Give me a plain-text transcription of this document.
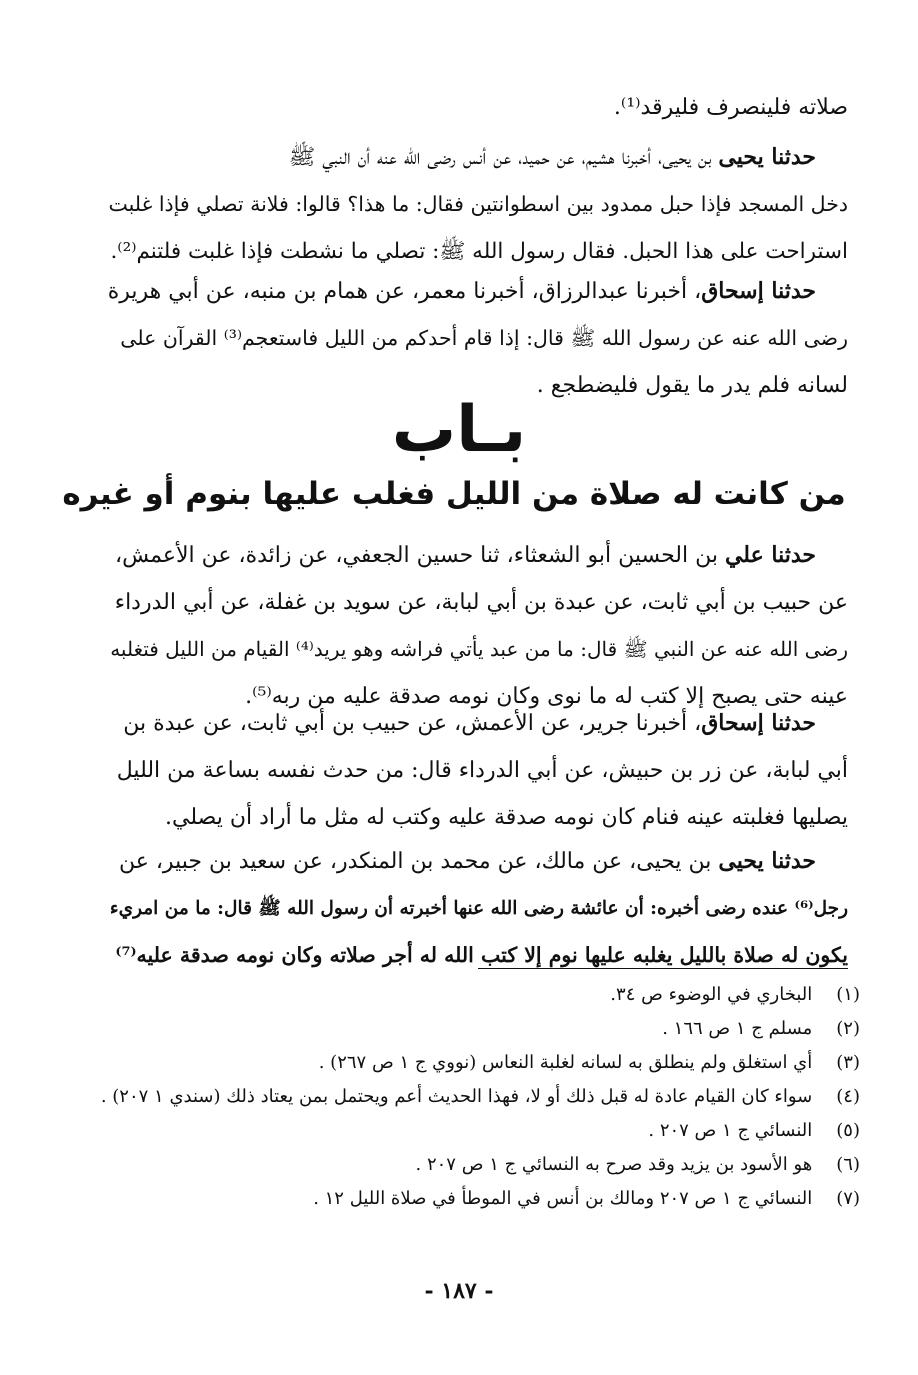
صلاته فلينصرف فليرقد⁽¹⁾.
حدثنا يحيى بن يحيى، أخبرنا هشيم، عن حميد، عن أنس رضى الله عنه أن النبي ﷺ
دخل المسجد فإذا حبل ممدود بين اسطوانتين فقال: ما هذا؟ قالوا: فلانة تصلي فإذا غلبت
استراحت على هذا الحبل. فقال رسول الله ﷺ: تصلي ما نشطت فإذا غلبت فلتنم⁽²⁾.
حدثنا إسحاق، أخبرنا عبدالرزاق، أخبرنا معمر، عن همام بن منبه، عن أبي هريرة
رضى الله عنه عن رسول الله ﷺ قال: إذا قام أحدكم من الليل فاستعجم⁽³⁾ القرآن على
لسانه فلم يدر ما يقول فليضطجع .
بـاب
من كانت له صلاة من الليل فغلب عليها بنوم أو غيره
حدثنا علي بن الحسين أبو الشعثاء، ثنا حسين الجعفي، عن زائدة، عن الأعمش،
عن حبيب بن أبي ثابت، عن عبدة بن أبي لبابة، عن سويد بن غفلة، عن أبي الدرداء
رضى الله عنه عن النبي ﷺ قال: ما من عبد يأتي فراشه وهو يريد⁽⁴⁾ القيام من الليل فتغلبه
عينه حتى يصبح إلا كتب له ما نوى وكان نومه صدقة عليه من ربه⁽⁵⁾.
حدثنا إسحاق، أخبرنا جرير، عن الأعمش، عن حبيب بن أبي ثابت، عن عبدة بن
أبي لبابة، عن زر بن حبيش، عن أبي الدرداء قال: من حدث نفسه بساعة من الليل
يصليها فغلبته عينه فنام كان نومه صدقة عليه وكتب له مثل ما أراد أن يصلي.
حدثنا يحيى بن يحيى، عن مالك، عن محمد بن المنكدر، عن سعيد بن جبير، عن
رجل⁽⁶⁾ عنده رضى أخبره: أن عائشة رضى الله عنها أخبرته أن رسول الله ﷺ قال: ما من امريء
يكون له صلاة بالليل يغلبه عليها نوم إلا كتب الله له أجر صلاته وكان نومه صدقة عليه⁽⁷⁾
(١) البخاري في الوضوء ص ٣٤.
(٢) مسلم ج ١ ص ١٦٦ .
(٣) أي استغلق ولم ينطلق به لسانه لغلبة النعاس (نووي ج ١ ص ٢٦٧) .
(٤) سواء كان القيام عادة له قبل ذلك أو لا، فهذا الحديث أعم ويحتمل بمن يعتاد ذلك (سندي ١ ٢٠٧) .
(٥) النسائي ج ١ ص ٢٠٧ .
(٦) هو الأسود بن يزيد وقد صرح به النسائي ج ١ ص ٢٠٧ .
(٧) النسائي ج ١ ص ٢٠٧ ومالك بن أنس في الموطأ في صلاة الليل ١٢ .
- ١٨٧ -
